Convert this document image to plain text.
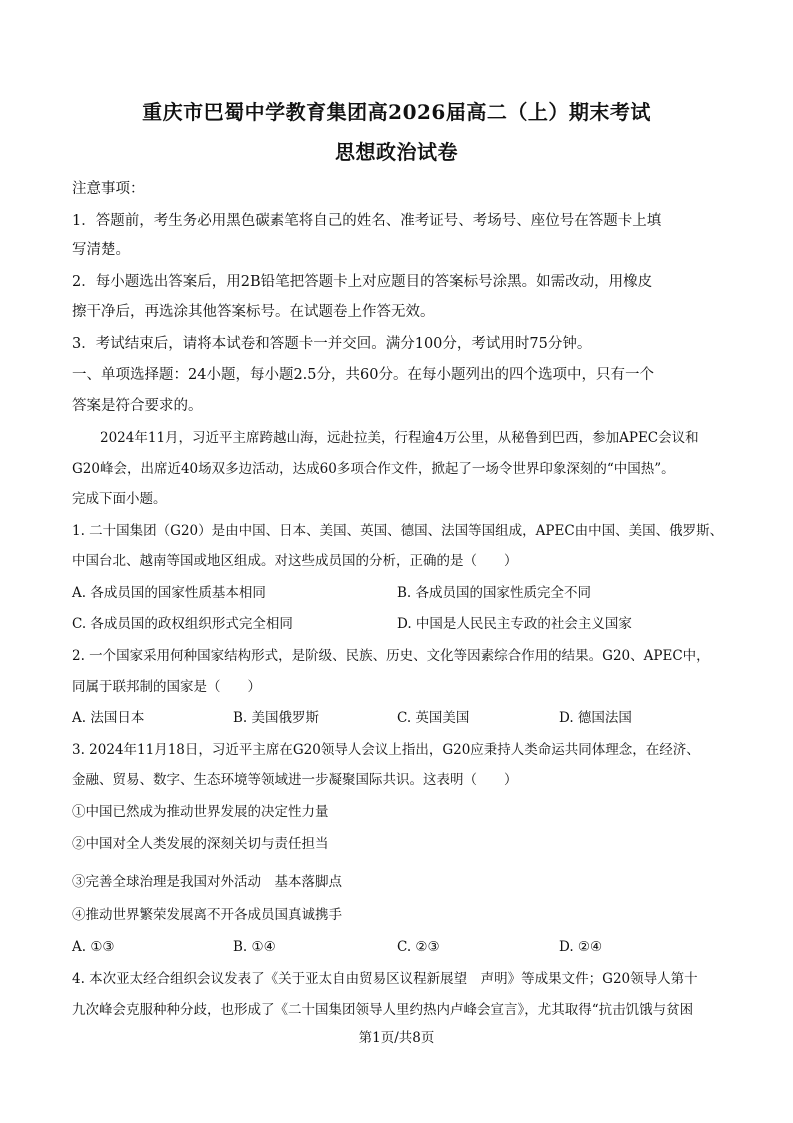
重庆市巴蜀中学教育集团高2026届高二（上）期末考试
思想政治试卷
注意事项：
1．答题前，考生务必用黑色碳素笔将自己的姓名、准考证号、考场号、座位号在答题卡上填
写清楚。
2．每小题选出答案后，用2B铅笔把答题卡上对应题目的答案标号涂黑。如需改动，用橡皮
擦干净后，再选涂其他答案标号。在试题卷上作答无效。
3．考试结束后，请将本试卷和答题卡一并交回。满分100分，考试用时75分钟。
一、单项选择题：24小题，每小题2.5分，共60分。在每小题列出的四个选项中，只有一个
答案是符合要求的。
2024年11月，习近平主席跨越山海，远赴拉美，行程逾4万公里，从秘鲁到巴西，参加APEC会议和
G20峰会，出席近40场双多边活动，达成60多项合作文件，掀起了一场令世界印象深刻的“中国热”。
完成下面小题。
1. 二十国集团（G20）是由中国、日本、美国、英国、德国、法国等国组成，APEC由中国、美国、俄罗斯、
中国台北、越南等国或地区组成。对这些成员国的分析，正确的是（　　）
A. 各成员国的国家性质基本相同	B. 各成员国的国家性质完全不同
C. 各成员国的政权组织形式完全相同	D. 中国是人民民主专政的社会主义国家
2. 一个国家采用何种国家结构形式，是阶级、民族、历史、文化等因素综合作用的结果。G20、APEC中，
同属于联邦制的国家是（　　）
A. 法国日本	B. 美国俄罗斯	C. 英国美国	D. 德国法国
3. 2024年11月18日，习近平主席在G20领导人会议上指出，G20应秉持人类命运共同体理念，在经济、
金融、贸易、数字、生态环境等领域进一步凝聚国际共识。这表明（　　）
①中国已然成为推动世界发展的决定性力量
②中国对全人类发展的深刻关切与责任担当
③完善全球治理是我国对外活动　基本落脚点
④推动世界繁荣发展离不开各成员国真诚携手
A. ①③	B. ①④	C. ②③	D. ②④
4. 本次亚太经合组织会议发表了《关于亚太自由贸易区议程新展望　声明》等成果文件；G20领导人第十
九次峰会克服种种分歧，也形成了《二十国集团领导人里约热内卢峰会宣言》，尤其取得“抗击饥饿与贫困
第1页/共8页
